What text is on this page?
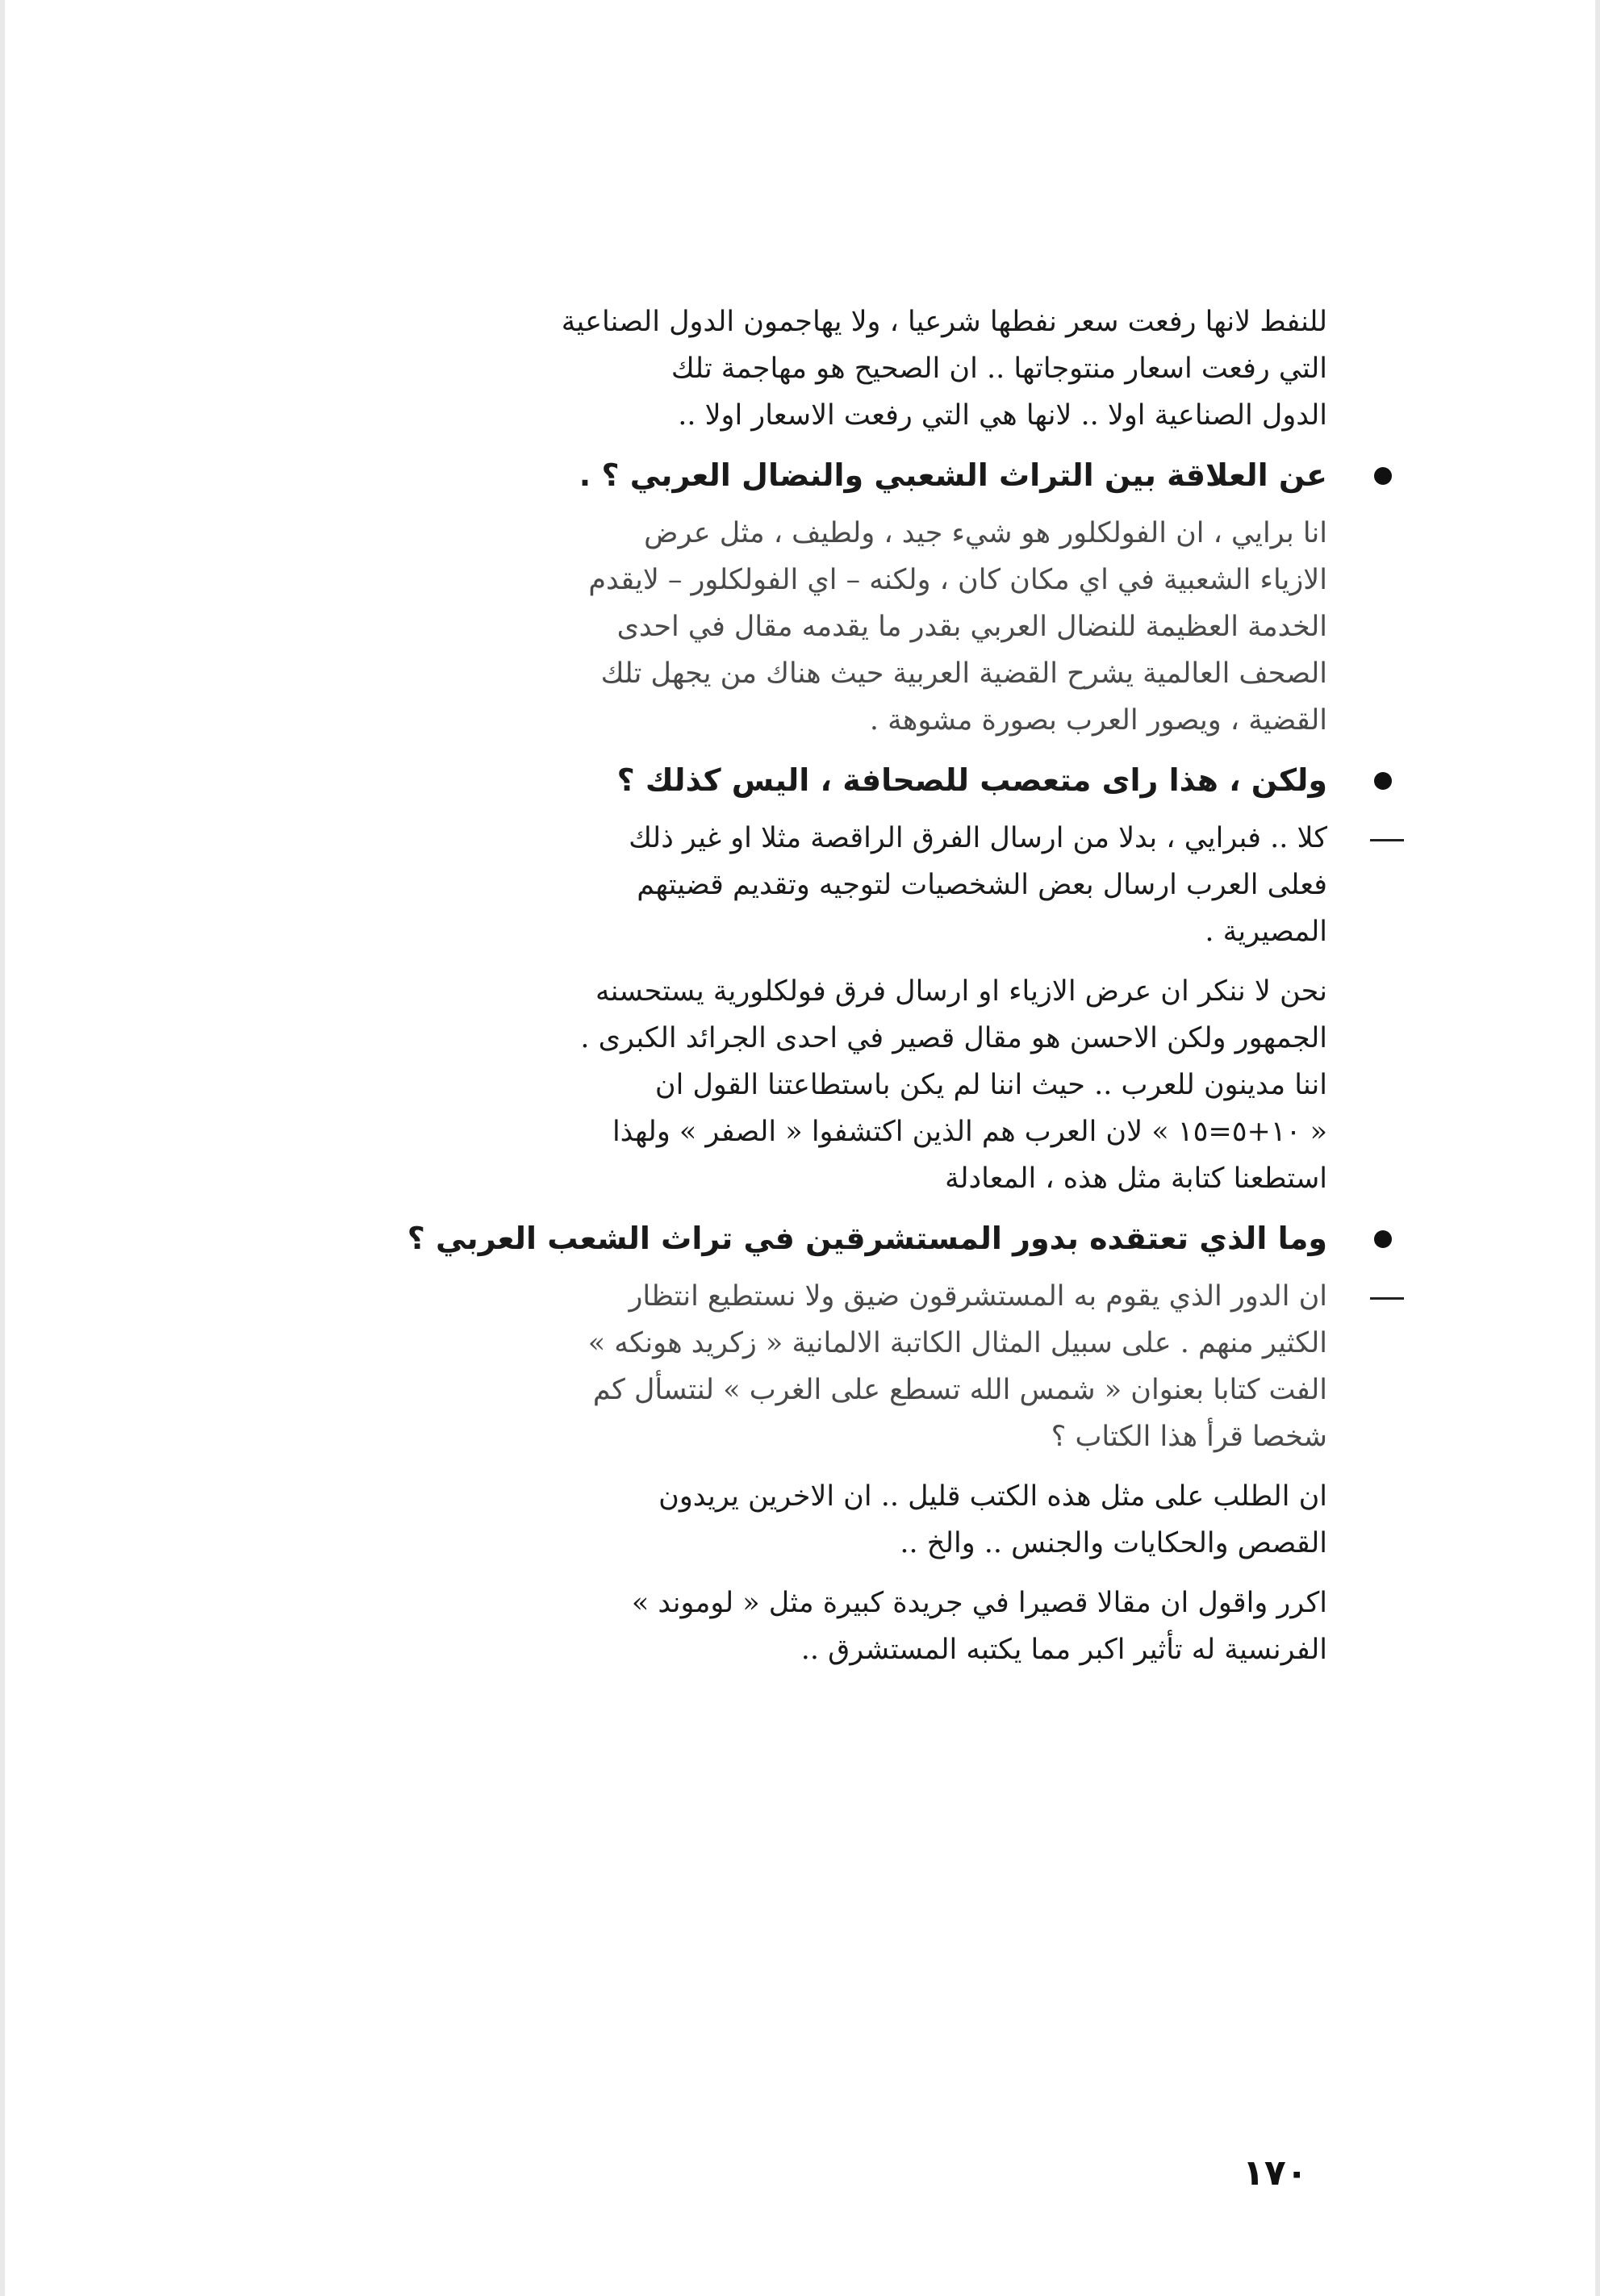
للنفط لانها رفعت سعر نفطها شرعيا ، ولا يهاجمون الدول الصناعية
التي رفعت اسعار منتوجاتها .. ان الصحيح هو مهاجمة تلك
الدول الصناعية اولا .. لانها هي التي رفعت الاسعار اولا ..

عن العلاقة بين التراث الشعبي والنضال العربي ؟ .

انا برايي ، ان الفولكلور هو شيء جيد ، ولطيف ، مثل عرض
الازياء الشعبية في اي مكان كان ، ولكنه – اي الفولكلور – لايقدم
الخدمة العظيمة للنضال العربي بقدر ما يقدمه مقال في احدى
الصحف العالمية يشرح القضية العربية حيث هناك من يجهل تلك
القضية ، ويصور العرب بصورة مشوهة .

ولكن ، هذا راى متعصب للصحافة ، اليس كذلك ؟

كلا .. فبرايي ، بدلا من ارسال الفرق الراقصة مثلا او غير ذلك
فعلى العرب ارسال بعض الشخصيات لتوجيه وتقديم قضيتهم
المصيرية .

نحن لا ننكر ان عرض الازياء او ارسال فرق فولكلورية يستحسنه
الجمهور ولكن الاحسن هو مقال قصير في احدى الجرائد الكبرى .
اننا مدينون للعرب .. حيث اننا لم يكن باستطاعتنا القول ان
« ١٠+٥=١٥ » لان العرب هم الذين اكتشفوا « الصفر » ولهذا
استطعنا كتابة مثل هذه ، المعادلة

وما الذي تعتقده بدور المستشرقين في تراث الشعب العربي ؟

ان الدور الذي يقوم به المستشرقون ضيق ولا نستطيع انتظار
الكثير منهم . على سبيل المثال الكاتبة الالمانية « زكريد هونكه »
الفت كتابا بعنوان « شمس الله تسطع على الغرب » لنتسأل كم
شخصا قرأ هذا الكتاب ؟

ان الطلب على مثل هذه الكتب قليل .. ان الاخرين يريدون
القصص والحكايات والجنس .. والخ ..

اكرر واقول ان مقالا قصيرا في جريدة كبيرة مثل « لوموند »
الفرنسية له تأثير اكبر مما يكتبه المستشرق ..

١٧٠
